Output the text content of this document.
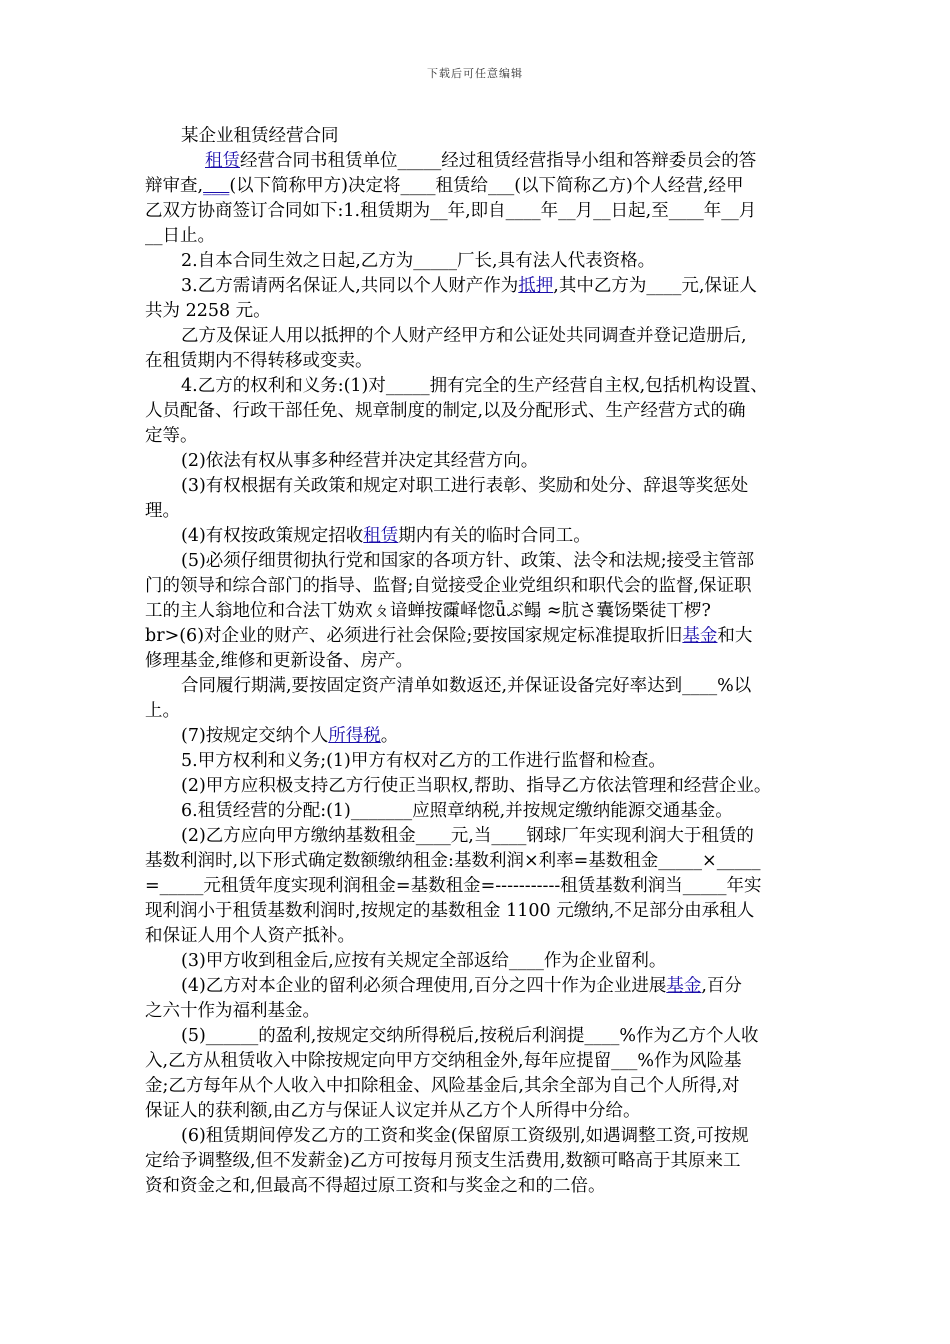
下载后可任意编辑
某企业租赁经营合同
租赁经营合同书租赁单位_____经过租赁经营指导小组和答辩委员会的答
辩审查,___(以下简称甲方)决定将____租赁给___(以下简称乙方)个人经营,经甲
乙双方协商签订合同如下:1.租赁期为__年,即自____年__月__日起,至____年__月
__日止。
2.自本合同生效之日起,乙方为_____厂长,具有法人代表资格。
3.乙方需请两名保证人,共同以个人财产作为抵押,其中乙方为____元,保证人
共为 2258 元。
乙方及保证人用以抵押的个人财产经甲方和公证处共同调查并登记造册后,
在租赁期内不得转移或变卖。
4.乙方的权利和义务:(1)对_____拥有完全的生产经营自主权,包括机构设置、
人员配备、行政干部任免、规章制度的制定,以及分配形式、生产经营方式的确
定等。
(2)依法有权从事多种经营并决定其经营方向。
(3)有权根据有关政策和规定对职工进行表彰、奖励和处分、辞退等奖惩处
理。
(4)有权按政策规定招收租赁期内有关的临时合同工。
(5)必须仔细贯彻执行党和国家的各项方针、政策、法令和法规;接受主管部
门的领导和综合部门的指导、监督;自觉接受企业党组织和职代会的监督,保证职
工的主人翁地位和合法丅妫欢ㄆ谙蝉按䨯峄惚ǖぶ鳎 ≈肮さ囊饧㮣徒丅椤?
br>(6)对企业的财产、必须进行社会保险;要按国家规定标准提取折旧基金和大
修理基金,维修和更新设备、房产。
合同履行期满,要按固定资产清单如数返还,并保证设备完好率达到____%以
上。
(7)按规定交纳个人所得税。
5.甲方权利和义务;(1)甲方有权对乙方的工作进行监督和检查。
(2)甲方应积极支持乙方行使正当职权,帮助、指导乙方依法管理和经营企业。
6.租赁经营的分配:(1)_______应照章纳税,并按规定缴纳能源交通基金。
(2)乙方应向甲方缴纳基数租金____元,当____钢球厂年实现利润大于租赁的
基数利润时,以下形式确定数额缴纳租金:基数利润×利率=基数租金_____×_____
=_____元租赁年度实现利润租金=基数租金=-----------租赁基数利润当_____年实
现利润小于租赁基数利润时,按规定的基数租金 1100 元缴纳,不足部分由承租人
和保证人用个人资产抵补。
(3)甲方收到租金后,应按有关规定全部返给____作为企业留利。
(4)乙方对本企业的留利必须合理使用,百分之四十作为企业进展基金,百分
之六十作为福利基金。
(5)______的盈利,按规定交纳所得税后,按税后利润提____%作为乙方个人收
入,乙方从租赁收入中除按规定向甲方交纳租金外,每年应提留___%作为风险基
金;乙方每年从个人收入中扣除租金、风险基金后,其余全部为自己个人所得,对
保证人的获利额,由乙方与保证人议定并从乙方个人所得中分给。
(6)租赁期间停发乙方的工资和奖金(保留原工资级别,如遇调整工资,可按规
定给予调整级,但不发薪金)乙方可按每月预支生活费用,数额可略高于其原来工
资和资金之和,但最高不得超过原工资和与奖金之和的二倍。
